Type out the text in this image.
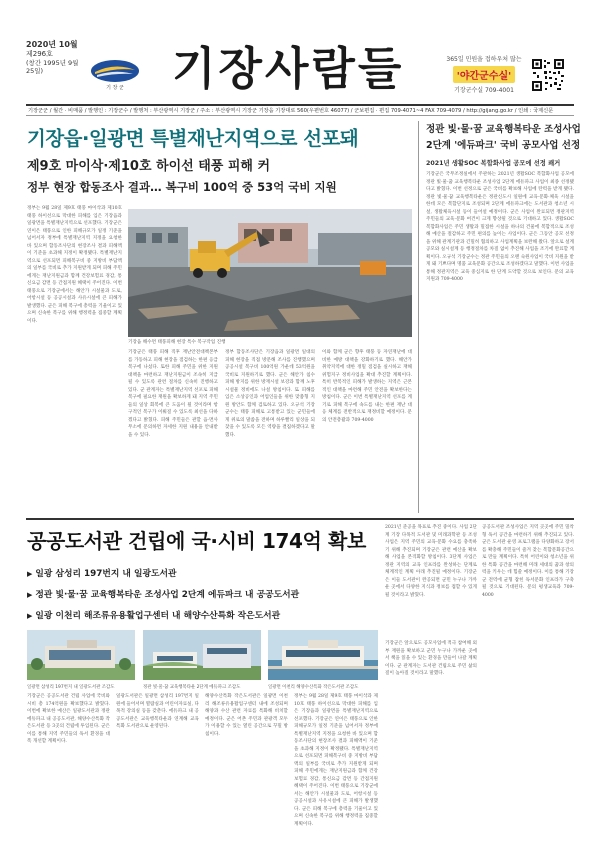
2020년 10월
제296호
(창간 1995년 9월 25일)
기 장 군	기장사람들	365일 민원을 접하우처 많는
'야간군수실'
기장군수실 709-4001
기장군군 / 월간 · 비매품 / 발행인 : 기장군수 / 발행처 : 부산광역시 기장군 / 주소 : 부산광역시 기장군 기장읍 기장대로 560(우편번호 46077) / 군보편집 · 편집 709-4071~4 FAX 709-4079 / http://gijang.go.kr / 인쇄 : 국제신문
기장읍·일광면 특별재난지역으로 선포돼
제9호 마이삭·제10호 하이선 태풍 피해 커
정부 현장 합동조사 결과… 복구비 100억 중 53억 국비 지원
정부는 9월 28일 제9호 태풍 마이삭과 제10호 태풍 하이선으로 막대한 피해를 입은 기장읍과 일광면을 특별재난지역으로 선포했다. 기장군은 연이은 태풍으로 인한 피해규모가 일정 기준을 넘어서자 정부에 특별재난지역 지정을 요청한 바 있으며 합동조사단의 현장조사 결과 피해액이 기준을 초과해 지정이 확정됐다. 특별재난지역으로 선포되면 피해복구비 중 지방비 부담액의 일부를 국비로 추가 지원받게 되며 피해 주민에게는 재난지원금과 함께 건강보험료 경감, 통신요금 감면 등 간접지원 혜택이 주어진다. 이번 태풍으로 기장군에서는 해안가 시설물과 도로, 어항시설 등 공공시설과 사유시설에 큰 피해가 발생했다. 군은 피해 복구에 총력을 기울이고 있으며 신속한 복구를 위해 행정력을 집중할 계획이다.
기장읍 해수면 태풍피해 현장 특수 복구작업 진행
기장군은 태풍 피해 직후 재난안전대책본부를 가동하고 피해 현장을 점검하는 한편 응급복구에 나섰다. 또한 피해 주민을 위한 지원 대책을 마련하고 재난지원금이 조속히 지급될 수 있도록 관련 절차를 신속히 진행하고 있다. 군 관계자는 특별재난지역 선포로 피해 복구에 필요한 재원을 확보하게 돼 지역 주민들의 일상 회복에 큰 도움이 될 것이라며 항구적인 복구가 이뤄질 수 있도록 최선을 다하겠다고 밝혔다. 피해 주민들은 관할 읍·면사무소에 문의하면 자세한 지원 내용을 안내받을 수 있다.
정부 합동조사단은 기장읍과 일광면 일대의 피해 현장을 직접 방문해 조사를 진행했으며 공공시설 복구비 100억원 가운데 53억원을 국비로 지원하기로 했다. 군은 해안가 침수 피해 방지를 위한 방재시설 보강과 함께 노후 시설물 정비에도 나설 방침이다. 또 피해를 입은 소상공인과 어업인들을 위한 맞춤형 지원 방안도 함께 검토하고 있다. 오규석 기장군수는 태풍 피해로 고통받고 있는 군민들에게 위로의 말씀을 전하며 하루빨리 일상을 되찾을 수 있도록 모든 역량을 결집하겠다고 말했다.
이와 함께 군은 향후 태풍 등 자연재난에 대비한 예방 대책을 강화하기로 했다. 해안가 취약지역에 대한 정밀 점검을 실시하고 재해위험지구 정비사업을 확대 추진할 계획이다. 특히 반복적인 피해가 발생하는 지역은 근본적인 대책을 마련해 주민 안전을 확보한다는 방침이다. 군은 이번 특별재난지역 선포를 계기로 피해 복구에 속도를 내는 한편 재난 대응 체계를 전반적으로 재정비할 예정이다. 문의 안전총괄과 709-4000
정관 빛·물·꿈 교육행복타운 조성사업
2단계 '에듀파크' 국비 공모사업 선정
2021년 생활SOC 복합화사업 공모에 선정 쾌거
기장군은 국무조정실에서 주관하는 2021년 생활SOC 복합화사업 공모에 정관 빛·물·꿈 교육행복타운 조성사업 2단계 에듀파크 사업이 최종 선정됐다고 밝혔다. 이번 선정으로 군은 국비를 확보해 사업에 탄력을 받게 됐다. 정관 빛·물·꿈 교육행복타운은 정관신도시 일원에 교육·문화·체육 시설을 한데 모은 복합단지로 조성되며 2단계 에듀파크에는 도서관과 청소년 시설, 생활체육시설 등이 들어설 예정이다. 군은 사업이 완료되면 정관지역 주민들의 교육·문화 여건이 크게 향상될 것으로 기대하고 있다. 생활SOC 복합화사업은 주민 생활과 밀접한 시설을 하나의 건물에 복합적으로 조성해 예산을 절감하고 주민 편의를 높이는 사업이다. 군은 그동안 공모 선정을 위해 관계기관과 긴밀히 협의하고 사업계획을 보완해 왔다. 앞으로 설계 공모와 실시설계 등 행정절차를 차질 없이 추진해 사업을 조기에 완료할 계획이다. 오규석 기장군수는 정관 주민들의 오랜 숙원사업이 국비 지원을 받게 돼 기쁘다며 명품 교육문화 공간으로 조성하겠다고 말했다. 이번 사업을 통해 정관지역은 교육 중심지로 한 단계 도약할 것으로 보인다. 문의 교육지원과 709-4000
공공도서관 건립에 국·시비 174억 확보
▶ 일광 삼성리 197번지 내 일광도서관
▶ 정관 빛·물·꿈 교육행복타운 조성사업 2단계 에듀파크 내 공공도서관
▶ 일광 이천리 해조류유용활업구센터 내 해양수산특화 작은도서관
2021년 준공을 목표로 추진 중이다. 사업 2단계 기장 다목적 도서관 및 미래과학관 등 조성사업은 지역 주민의 교육·문화 수요를 충족하기 위해 추진되며 기장군은 관련 예산을 확보해 사업을 본격화할 방침이다. 3단계 사업은 정관 지역의 교육 인프라를 완성하는 단계로 체계적인 계획 아래 추진될 예정이다. 기장군은 이들 도서관이 완공되면 군민 누구나 가까운 곳에서 다양한 지식과 정보를 접할 수 있게 될 것이라고 밝혔다.
공공도서관 조성사업은 지역 곳곳에 주민 밀착형 독서 공간을 마련하기 위해 추진되고 있다. 군은 도서관 운영 프로그램을 다양화하고 장서를 확충해 주민들이 즐겨 찾는 복합문화공간으로 만들 계획이다. 특히 어린이와 청소년을 위한 특화 공간을 마련해 미래 세대의 꿈과 창의력을 키우는 데 힘쓸 예정이다. 이를 통해 기장군 전역에 균형 잡힌 독서문화 인프라가 구축될 것으로 기대된다. 문의 평생교육과 709-4000
기장군은 앞으로도 공모사업에 적극 참여해 외부 재원을 확보하고 군민 누구나 가까운 곳에서 책을 읽을 수 있는 환경을 만들어 나갈 계획이다. 군 관계자는 도서관 건립으로 주민 삶의 질이 높아질 것이라고 말했다.
일광면 삼성리 197번지 내 일광도서관 조감도	정관 빛·물·꿈 교육행복타운 2단계 에듀파크 조감도	일광면 이천리 해양수산특화 작은도서관 조감도
기장군은 공공도서관 건립 사업에 국비와 시비 총 174억원을 확보했다고 밝혔다. 이번에 확보한 예산은 일광도서관과 정관 에듀파크 내 공공도서관, 해양수산특화 작은도서관 등 3곳의 건립에 투입된다. 군은 이를 통해 지역 주민들의 독서 환경을 대폭 개선할 계획이다.
일광도서관은 일광면 삼성리 197번지 일원에 들어서며 열람실과 어린이자료실, 다목적 강의실 등을 갖춘다. 에듀파크 내 공공도서관은 교육행복타운과 연계해 교육 특화 도서관으로 운영된다.
해양수산특화 작은도서관은 일광면 이천리 해조류유용활업구센터 내에 조성되며 해양과 수산 관련 자료를 특화해 비치할 예정이다. 군은 어촌 주민과 관광객 모두가 이용할 수 있는 열린 공간으로 꾸밀 방침이다.
정부는 9월 28일 제9호 태풍 마이삭과 제10호 태풍 하이선으로 막대한 피해를 입은 기장읍과 일광면을 특별재난지역으로 선포했다. 기장군은 연이은 태풍으로 인한 피해규모가 일정 기준을 넘어서자 정부에 특별재난지역 지정을 요청한 바 있으며 합동조사단의 현장조사 결과 피해액이 기준을 초과해 지정이 확정됐다. 특별재난지역으로 선포되면 피해복구비 중 지방비 부담액의 일부를 국비로 추가 지원받게 되며 피해 주민에게는 재난지원금과 함께 건강보험료 경감, 통신요금 감면 등 간접지원 혜택이 주어진다. 이번 태풍으로 기장군에서는 해안가 시설물과 도로, 어항시설 등 공공시설과 사유시설에 큰 피해가 발생했다. 군은 피해 복구에 총력을 기울이고 있으며 신속한 복구를 위해 행정력을 집중할 계획이다.
